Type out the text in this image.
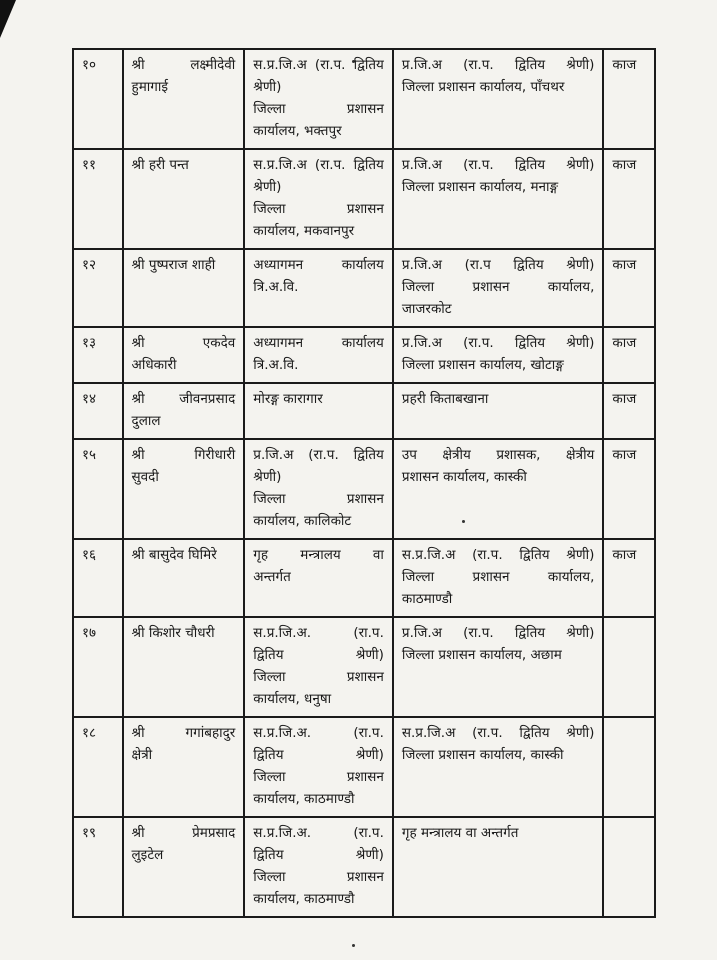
१०	श्री लक्ष्मीदेवी
हुमागाई	स.प्र.जि.अ (रा.प. द्वितिय
श्रेणी)
जिल्ला प्रशासन
कार्यालय, भक्तपुर	प्र.जि.अ (रा.प. द्वितिय श्रेणी)
जिल्ला प्रशासन कार्यालय, पाँचथर	काज
११	श्री हरी पन्त	स.प्र.जि.अ (रा.प. द्वितिय
श्रेणी)
जिल्ला प्रशासन
कार्यालय, मकवानपुर	प्र.जि.अ (रा.प. द्वितिय श्रेणी)
जिल्ला प्रशासन कार्यालय, मनाङ्ग	काज
१२	श्री पुष्पराज शाही	अध्यागमन कार्यालय
त्रि.अ.वि.	प्र.जि.अ (रा.प द्वितिय श्रेणी)
जिल्ला प्रशासन कार्यालय,
जाजरकोट	काज
१३	श्री एकदेव
अधिकारी	अध्यागमन कार्यालय
त्रि.अ.वि.	प्र.जि.अ (रा.प. द्वितिय श्रेणी)
जिल्ला प्रशासन कार्यालय, खोटाङ्ग	काज
१४	श्री जीवनप्रसाद
दुलाल	मोरङ्ग कारागार	प्रहरी किताबखाना	काज
१५	श्री गिरीधारी
सुवदी	प्र.जि.अ (रा.प. द्वितिय
श्रेणी)
जिल्ला प्रशासन
कार्यालय, कालिकोट	उप क्षेत्रीय प्रशासक, क्षेत्रीय
प्रशासन कार्यालय, कास्की	काज
१६	श्री बासुदेव घिमिरे	गृह मन्त्रालय वा
अन्तर्गत	स.प्र.जि.अ (रा.प. द्वितिय श्रेणी)
जिल्ला प्रशासन कार्यालय,
काठमाण्डौ	काज
१७	श्री किशोर चौधरी	स.प्र.जि.अ. (रा.प.
द्वितिय श्रेणी)
जिल्ला प्रशासन
कार्यालय, धनुषा	प्र.जि.अ (रा.प. द्वितिय श्रेणी)
जिल्ला प्रशासन कार्यालय, अछाम	

१८	श्री गगांबहादुर
क्षेत्री	स.प्र.जि.अ. (रा.प.
द्वितिय श्रेणी)
जिल्ला प्रशासन
कार्यालय, काठमाण्डौ	स.प्र.जि.अ (रा.प. द्वितिय श्रेणी)
जिल्ला प्रशासन कार्यालय, कास्की	

१९	श्री प्रेमप्रसाद
लुइटेल	स.प्र.जि.अ. (रा.प.
द्वितिय श्रेणी)
जिल्ला प्रशासन
कार्यालय, काठमाण्डौ	गृह मन्त्रालय वा अन्तर्गत	
